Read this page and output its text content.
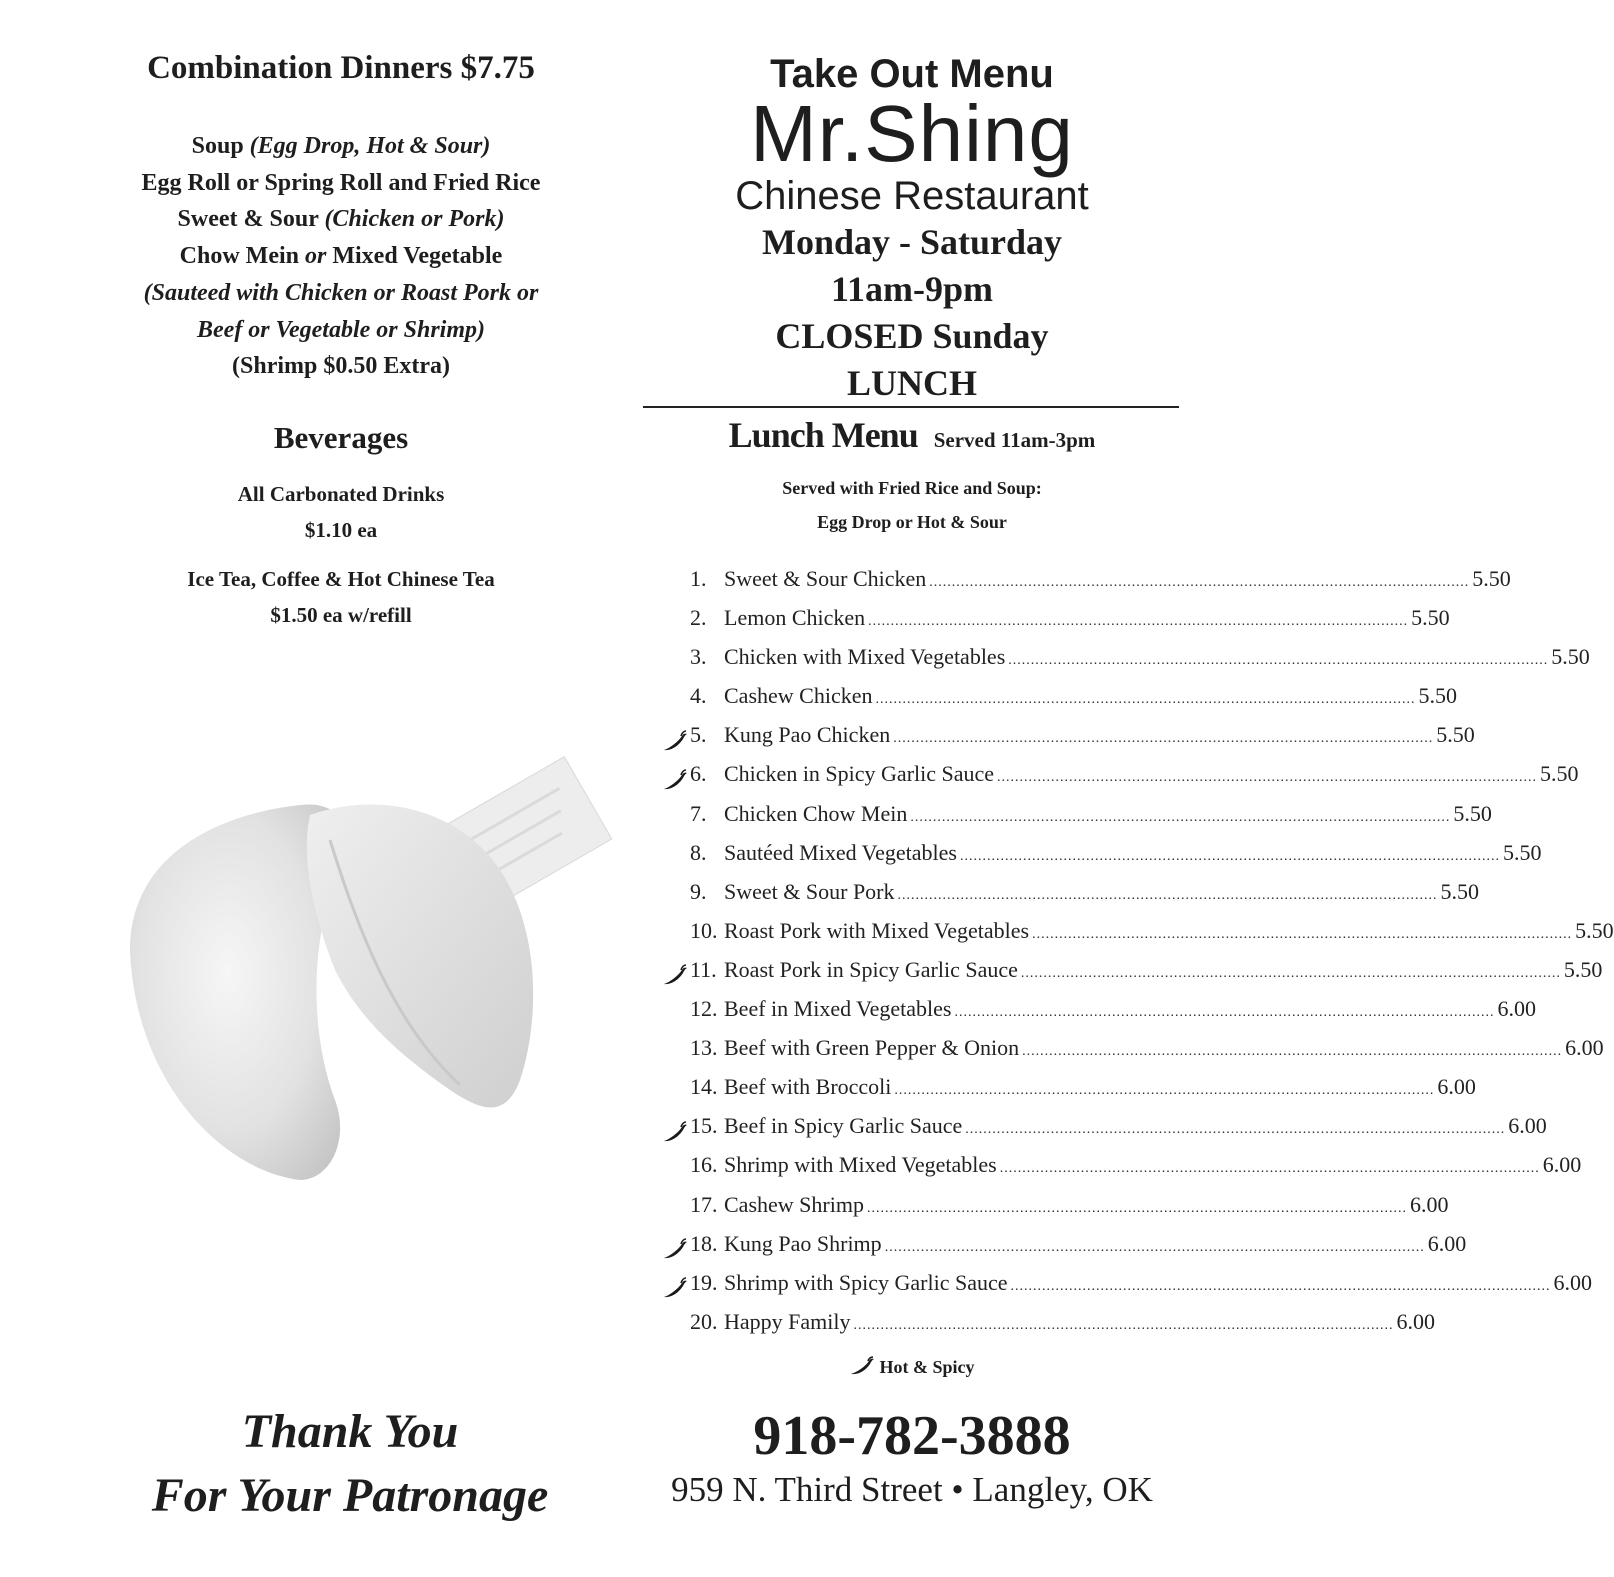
Combination Dinners $7.75
Soup (Egg Drop, Hot & Sour)
Egg Roll or Spring Roll and Fried Rice
Sweet & Sour (Chicken or Pork)
Chow Mein or Mixed Vegetable
(Sauteed with Chicken or Roast Pork or
Beef or Vegetable or Shrimp)
(Shrimp $0.50 Extra)
Beverages
All Carbonated Drinks
$1.10 ea
Ice Tea, Coffee & Hot Chinese Tea
$1.50 ea w/refill
Thank You
For Your Patronage
Take Out Menu
Mr.Shing
Chinese Restaurant
Monday - Saturday
11am-9pm
CLOSED Sunday
LUNCH
Lunch Menu Served 11am-3pm
Served with Fried Rice and Soup:
Egg Drop or Hot & Sour
1. Sweet & Sour Chicken ........................................................................................................................ 5.50
2. Lemon Chicken ........................................................................................................................ 5.50
3. Chicken with Mixed Vegetables ........................................................................................................................ 5.50
4. Cashew Chicken ........................................................................................................................ 5.50
5. Kung Pao Chicken ........................................................................................................................ 5.50
6. Chicken in Spicy Garlic Sauce ........................................................................................................................ 5.50
7. Chicken Chow Mein ........................................................................................................................ 5.50
8. Sautéed Mixed Vegetables ........................................................................................................................ 5.50
9. Sweet & Sour Pork ........................................................................................................................ 5.50
10. Roast Pork with Mixed Vegetables ........................................................................................................................ 5.50
11. Roast Pork in Spicy Garlic Sauce ........................................................................................................................ 5.50
12. Beef in Mixed Vegetables ........................................................................................................................ 6.00
13. Beef with Green Pepper & Onion ........................................................................................................................ 6.00
14. Beef with Broccoli ........................................................................................................................ 6.00
15. Beef in Spicy Garlic Sauce ........................................................................................................................ 6.00
16. Shrimp with Mixed Vegetables ........................................................................................................................ 6.00
17. Cashew Shrimp ........................................................................................................................ 6.00
18. Kung Pao Shrimp ........................................................................................................................ 6.00
19. Shrimp with Spicy Garlic Sauce ........................................................................................................................ 6.00
20. Happy Family ........................................................................................................................ 6.00
Hot & Spicy
918-782-3888
959 N. Third Street • Langley, OK
